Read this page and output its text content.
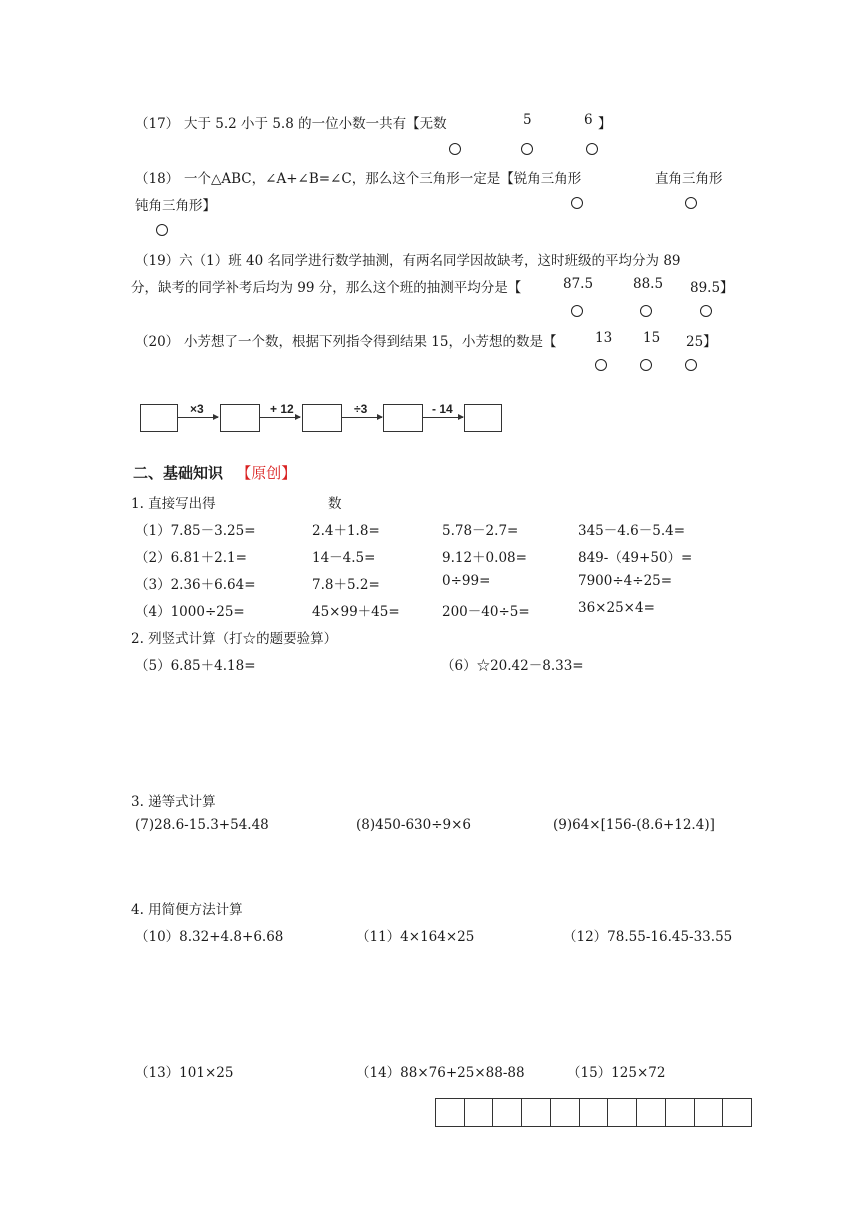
（17） 大于 5.2 小于 5.8 的一位小数一共有【无数	5	6 】
（18） 一个△ABC，∠A+∠B=∠C，那么这个三角形一定是【锐角三角形	直角三角形
钝角三角形】
（19）六（1）班 40 名同学进行数学抽测，有两名同学因故缺考，这时班级的平均分为 89
分，缺考的同学补考后均为 99 分，那么这个班的抽测平均分是【	87.5	88.5 89.5】
（20） 小芳想了一个数，根据下列指令得到结果 15，小芳想的数是【	13 15 25】
×3	+ 12	÷3	- 14
二、基础知识 【原创】
1. 直接写出得	数
（1）7.85－3.25=	2.4＋1.8=	5.78－2.7=	345－4.6－5.4=
（2）6.81＋2.1=	14－4.5=	9.12＋0.08=	849-（49+50）=
（3）2.36＋6.64=	7.8＋5.2=	0÷99=	7900÷4÷25=
（4）1000÷25=	45×99＋45=	200－40÷5=	36×25×4=
2. 列竖式计算（打☆的题要验算）
（5）6.85＋4.18=	（6）☆20.42－8.33=
3. 递等式计算
(7)28.6-15.3+54.48	(8)450-630÷9×6	(9)64×[156-(8.6+12.4)]
4. 用简便方法计算
（10）8.32+4.8+6.68	（11）4×164×25	（12）78.55-16.45-33.55
（13）101×25	（14）88×76+25×88-88	（15）125×72
